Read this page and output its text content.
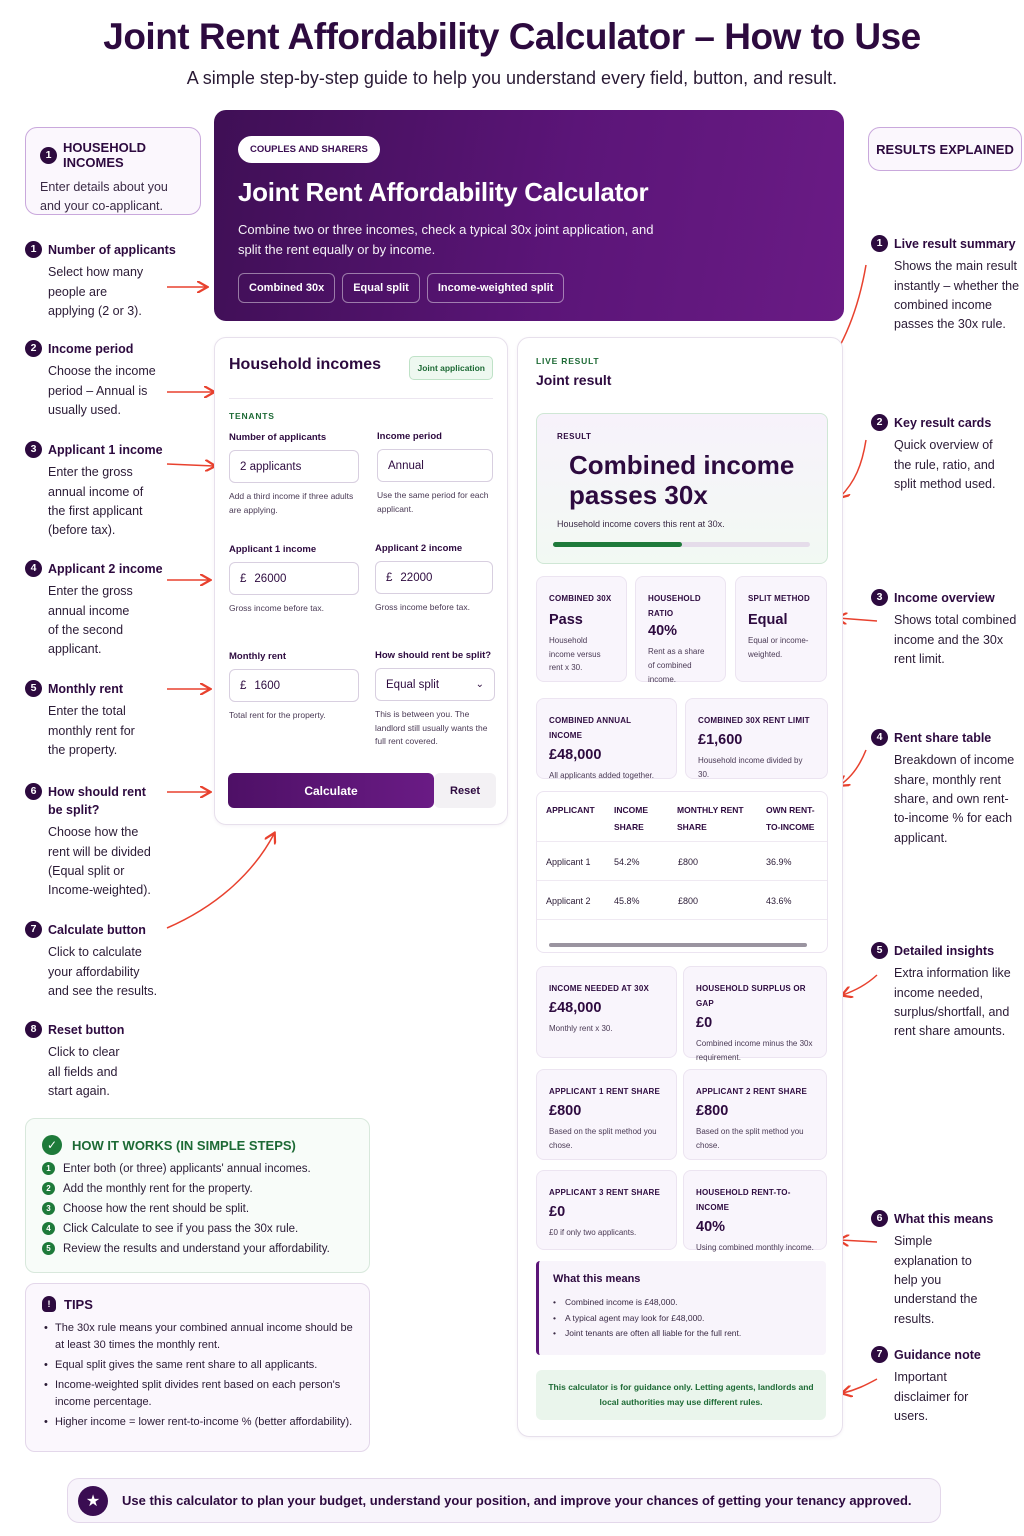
Joint Rent Affordability Calculator – How to Use
A simple step-by-step guide to help you understand every field, button, and result.
1 HOUSEHOLD INCOMES
Enter details about you and your co-applicant.
1 Number of applicants
Select how many people are applying (2 or 3).
2 Income period
Choose the income period – Annual is usually used.
3 Applicant 1 income
Enter the gross annual income of the first applicant (before tax).
4 Applicant 2 income
Enter the gross annual income of the second applicant.
5 Monthly rent
Enter the total monthly rent for the property.
6 How should rent be split?
Choose how the rent will be divided (Equal split or Income-weighted).
7 Calculate button
Click to calculate your affordability and see the results.
8 Reset button
Click to clear all fields and start again.
RESULTS EXPLAINED
1 Live result summary
Shows the main result instantly – whether the combined income passes the 30x rule.
2 Key result cards
Quick overview of the rule, ratio, and split method used.
3 Income overview
Shows total combined income and the 30x rent limit.
4 Rent share table
Breakdown of income share, monthly rent share, and own rent-to-income % for each applicant.
5 Detailed insights
Extra information like income needed, surplus/shortfall, and rent share amounts.
6 What this means
Simple explanation to help you understand the results.
7 Guidance note
Important disclaimer for users.
COUPLES AND SHARERS
Joint Rent Affordability Calculator
Combine two or three incomes, check a typical 30x joint application, and split the rent equally or by income.
Combined 30x	Equal split	Income-weighted split
Household incomes	Joint application
TENANTS
Number of applicants
2 applicants
Add a third income if three adults are applying.
Income period
Annual
Use the same period for each applicant.
Applicant 1 income
£ 26000
Gross income before tax.
Applicant 2 income
£ 22000
Gross income before tax.
Monthly rent
£ 1600
Total rent for the property.
How should rent be split?
Equal split	⌄
This is between you. The landlord still usually wants the full rent covered.
Calculate	Reset
LIVE RESULT
Joint result
RESULT
Combined income passes 30x
Household income covers this rent at 30x.
COMBINED 30X
Pass
Household income versus rent x 30.
HOUSEHOLD RATIO
40%
Rent as a share of combined income.
SPLIT METHOD
Equal
Equal or income-weighted.
COMBINED ANNUAL INCOME
£48,000
All applicants added together.
COMBINED 30X RENT LIMIT
£1,600
Household income divided by 30.
APPLICANT INCOME SHARE
MONTHLY RENT SHARE
OWN RENT-TO-INCOME
Applicant 1	54.2%	£800	36.9%
Applicant 2	45.8%	£800	43.6%
INCOME NEEDED AT 30X
£48,000
Monthly rent x 30.
HOUSEHOLD SURPLUS OR GAP
£0
Combined income minus the 30x requirement.
APPLICANT 1 RENT SHARE
£800
Based on the split method you chose.
APPLICANT 2 RENT SHARE
£800
Based on the split method you chose.
APPLICANT 3 RENT SHARE
£0
£0 if only two applicants.
HOUSEHOLD RENT-TO-INCOME
40%
Using combined monthly income.
What this means
• Combined income is £48,000.
• A typical agent may look for £48,000.
• Joint tenants are often all liable for the full rent.
This calculator is for guidance only. Letting agents, landlords and local authorities may use different rules.
✓	HOW IT WORKS (IN SIMPLE STEPS)
1	Enter both (or three) applicants' annual incomes.
2	Add the monthly rent for the property.
3	Choose how the rent should be split.
4	Click Calculate to see if you pass the 30x rule.
5	Review the results and understand your affordability.
!	TIPS
• The 30x rule means your combined annual income should be at least 30 times the monthly rent.
• Equal split gives the same rent share to all applicants.
• Income-weighted split divides rent based on each person's income percentage.
• Higher income = lower rent-to-income % (better affordability).
★	Use this calculator to plan your budget, understand your position, and improve your chances of getting your tenancy approved.
